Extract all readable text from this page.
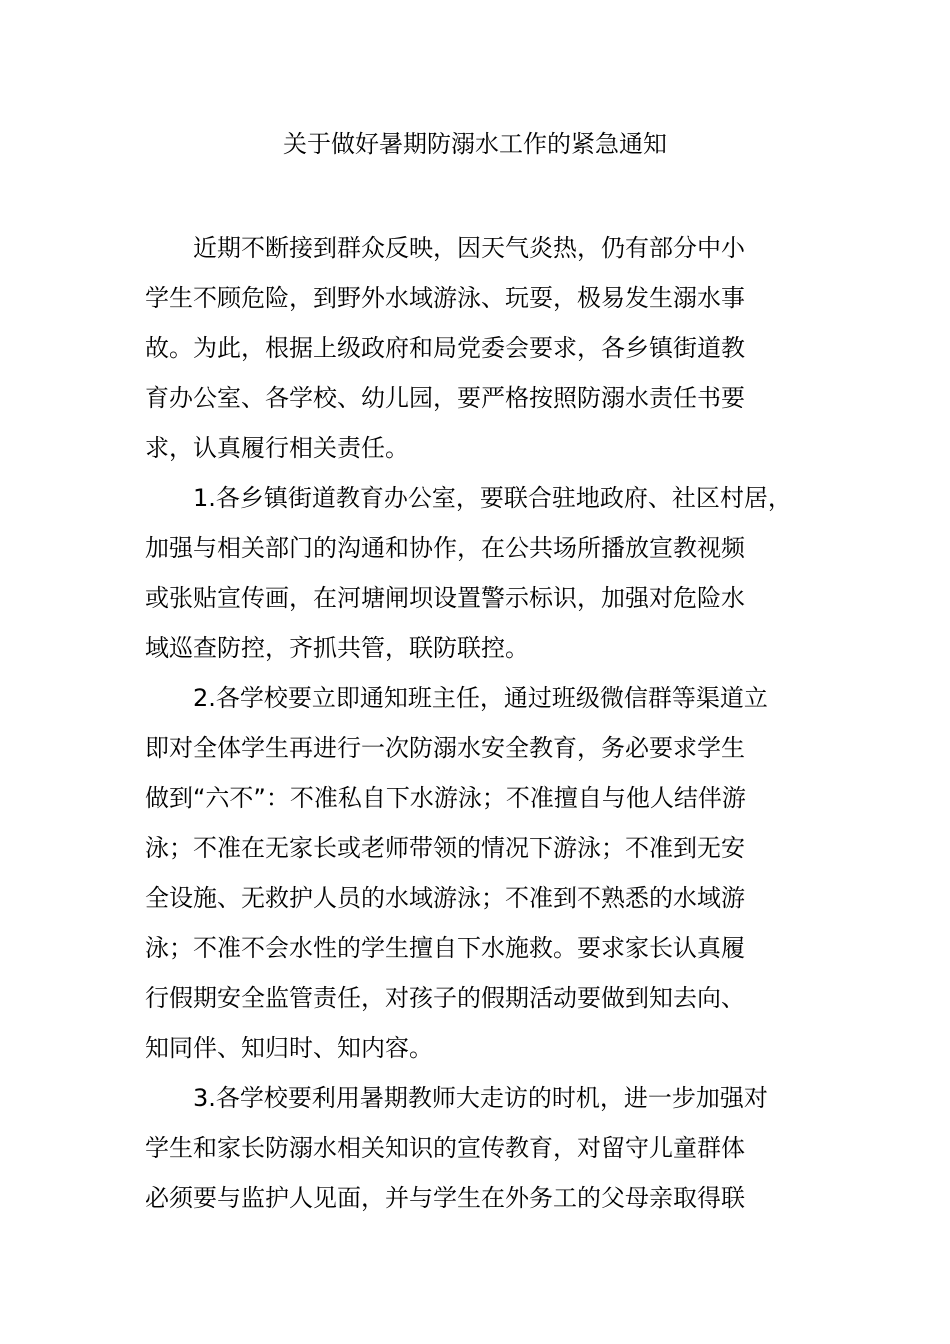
关于做好暑期防溺水工作的紧急通知
近期不断接到群众反映，因天气炎热，仍有部分中小
学生不顾危险，到野外水域游泳、玩耍，极易发生溺水事
故。为此，根据上级政府和局党委会要求，各乡镇街道教
育办公室、各学校、幼儿园，要严格按照防溺水责任书要
求，认真履行相关责任。
1.各乡镇街道教育办公室，要联合驻地政府、社区村居，
加强与相关部门的沟通和协作，在公共场所播放宣教视频
或张贴宣传画，在河塘闸坝设置警示标识，加强对危险水
域巡查防控，齐抓共管，联防联控。
2.各学校要立即通知班主任，通过班级微信群等渠道立
即对全体学生再进行一次防溺水安全教育，务必要求学生
做到“六不”：不准私自下水游泳；不准擅自与他人结伴游
泳；不准在无家长或老师带领的情况下游泳；不准到无安
全设施、无救护人员的水域游泳；不准到不熟悉的水域游
泳；不准不会水性的学生擅自下水施救。要求家长认真履
行假期安全监管责任，对孩子的假期活动要做到知去向、
知同伴、知归时、知内容。
3.各学校要利用暑期教师大走访的时机，进一步加强对
学生和家长防溺水相关知识的宣传教育，对留守儿童群体
必须要与监护人见面，并与学生在外务工的父母亲取得联
